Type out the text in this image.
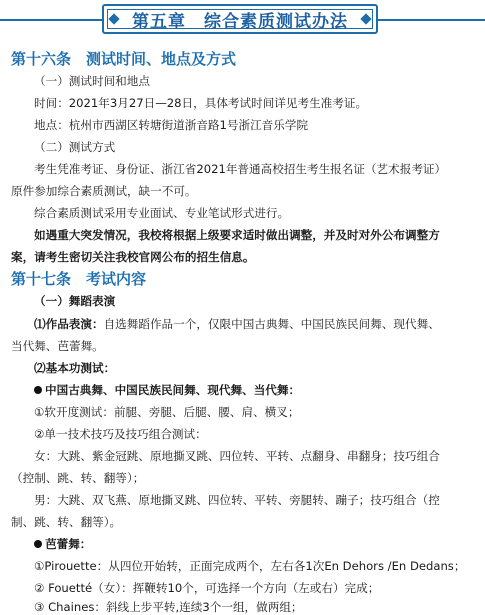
第五章　综合素质测试办法
第十六条　测试时间、地点及方式
（一）测试时间和地点
时间：2021年3月27日—28日，具体考试时间详见考生准考证。
地点：杭州市西湖区转塘街道浙音路1号浙江音乐学院
（二）测试方式
考生凭准考证、身份证、浙江省2021年普通高校招生考生报名证（艺术报考证）
原件参加综合素质测试，缺一不可。
综合素质测试采用专业面试、专业笔试形式进行。
如遇重大突发情况，我校将根据上级要求适时做出调整，并及时对外公布调整方
案，请考生密切关注我校官网公布的招生信息。
第十七条　考试内容
（一）舞蹈表演
⑴作品表演：自选舞蹈作品一个，仅限中国古典舞、中国民族民间舞、现代舞、
当代舞、芭蕾舞。
⑵基本功测试：
中国古典舞、中国民族民间舞、现代舞、当代舞：
①软开度测试：前腿、旁腿、后腿、腰、肩、横叉；
②单一技术技巧及技巧组合测试：
女：大跳、紫金冠跳、原地撕叉跳、四位转、平转、点翻身、串翻身；技巧组合
（控制、跳、转、翻等）；
男：大跳、双飞燕、原地撕叉跳、四位转、平转、旁腿转、蹦子；技巧组合（控
制、跳、转、翻等）。
芭蕾舞：
①Pirouette：从四位开始转，正面完成两个，左右各1次En Dehors /En Dedans；
② Fouetté（女）：挥鞭转10个，可选择一个方向（左或右）完成；
③ Chaines：斜线上步平转,连续3个一组，做两组；
